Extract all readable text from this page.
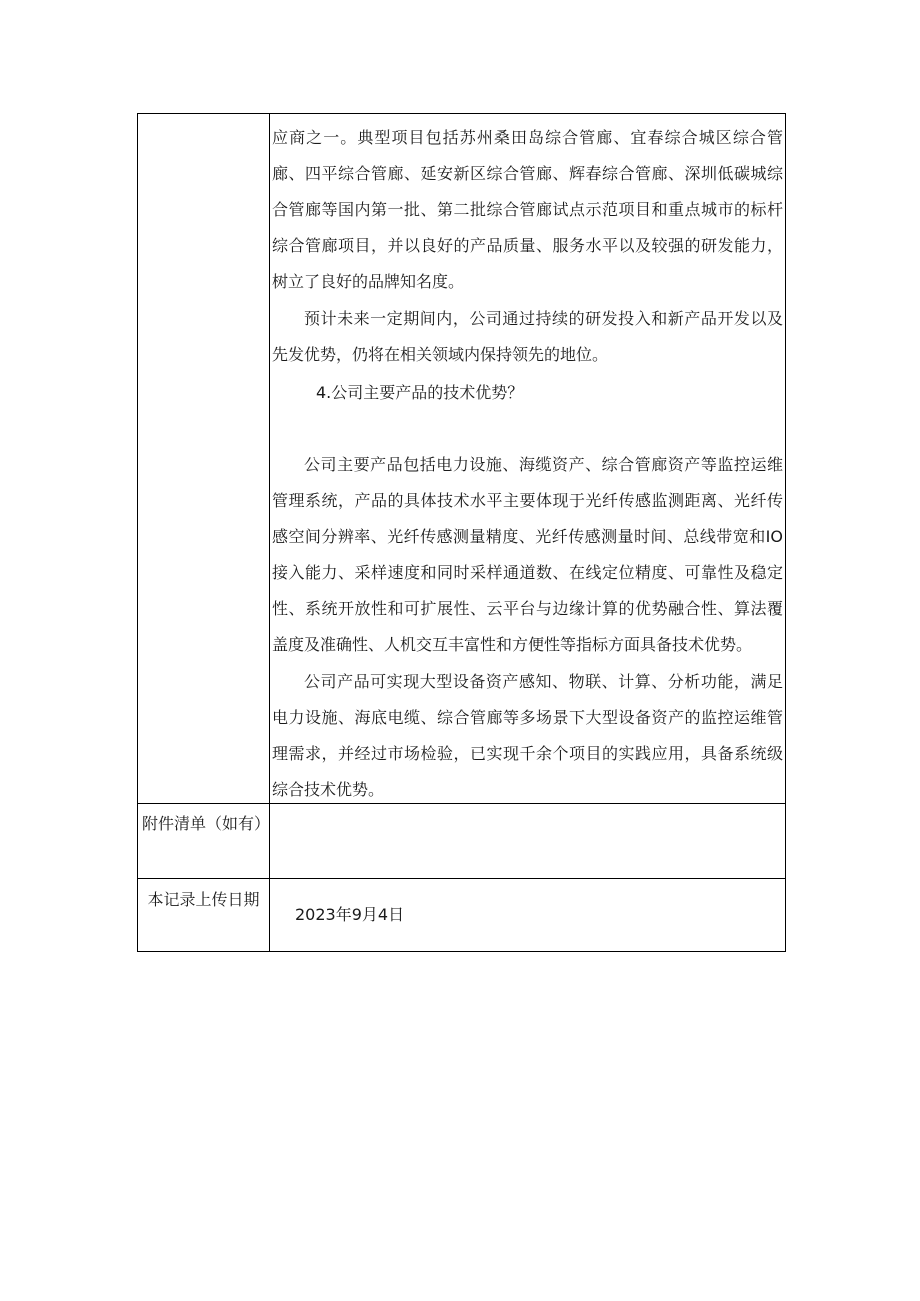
应商之一。典型项目包括苏州桑田岛综合管廊、宜春综合城区综合管廊、四平综合管廊、延安新区综合管廊、辉春综合管廊、深圳低碳城综合管廊等国内第一批、第二批综合管廊试点示范项目和重点城市的标杆综合管廊项目，并以良好的产品质量、服务水平以及较强的研发能力，树立了良好的品牌知名度。

预计未来一定期间内，公司通过持续的研发投入和新产品开发以及先发优势，仍将在相关领域内保持领先的地位。

4.公司主要产品的技术优势？

公司主要产品包括电力设施、海缆资产、综合管廊资产等监控运维管理系统，产品的具体技术水平主要体现于光纤传感监测距离、光纤传感空间分辨率、光纤传感测量精度、光纤传感测量时间、总线带宽和IO接入能力、采样速度和同时采样通道数、在线定位精度、可靠性及稳定性、系统开放性和可扩展性、云平台与边缘计算的优势融合性、算法覆盖度及准确性、人机交互丰富性和方便性等指标方面具备技术优势。

公司产品可实现大型设备资产感知、物联、计算、分析功能，满足电力设施、海底电缆、综合管廊等多场景下大型设备资产的监控运维管理需求，并经过市场检验，已实现千余个项目的实践应用，具备系统级综合技术优势。

附件清单（如有）
本记录上传日期
2023年9月4日
